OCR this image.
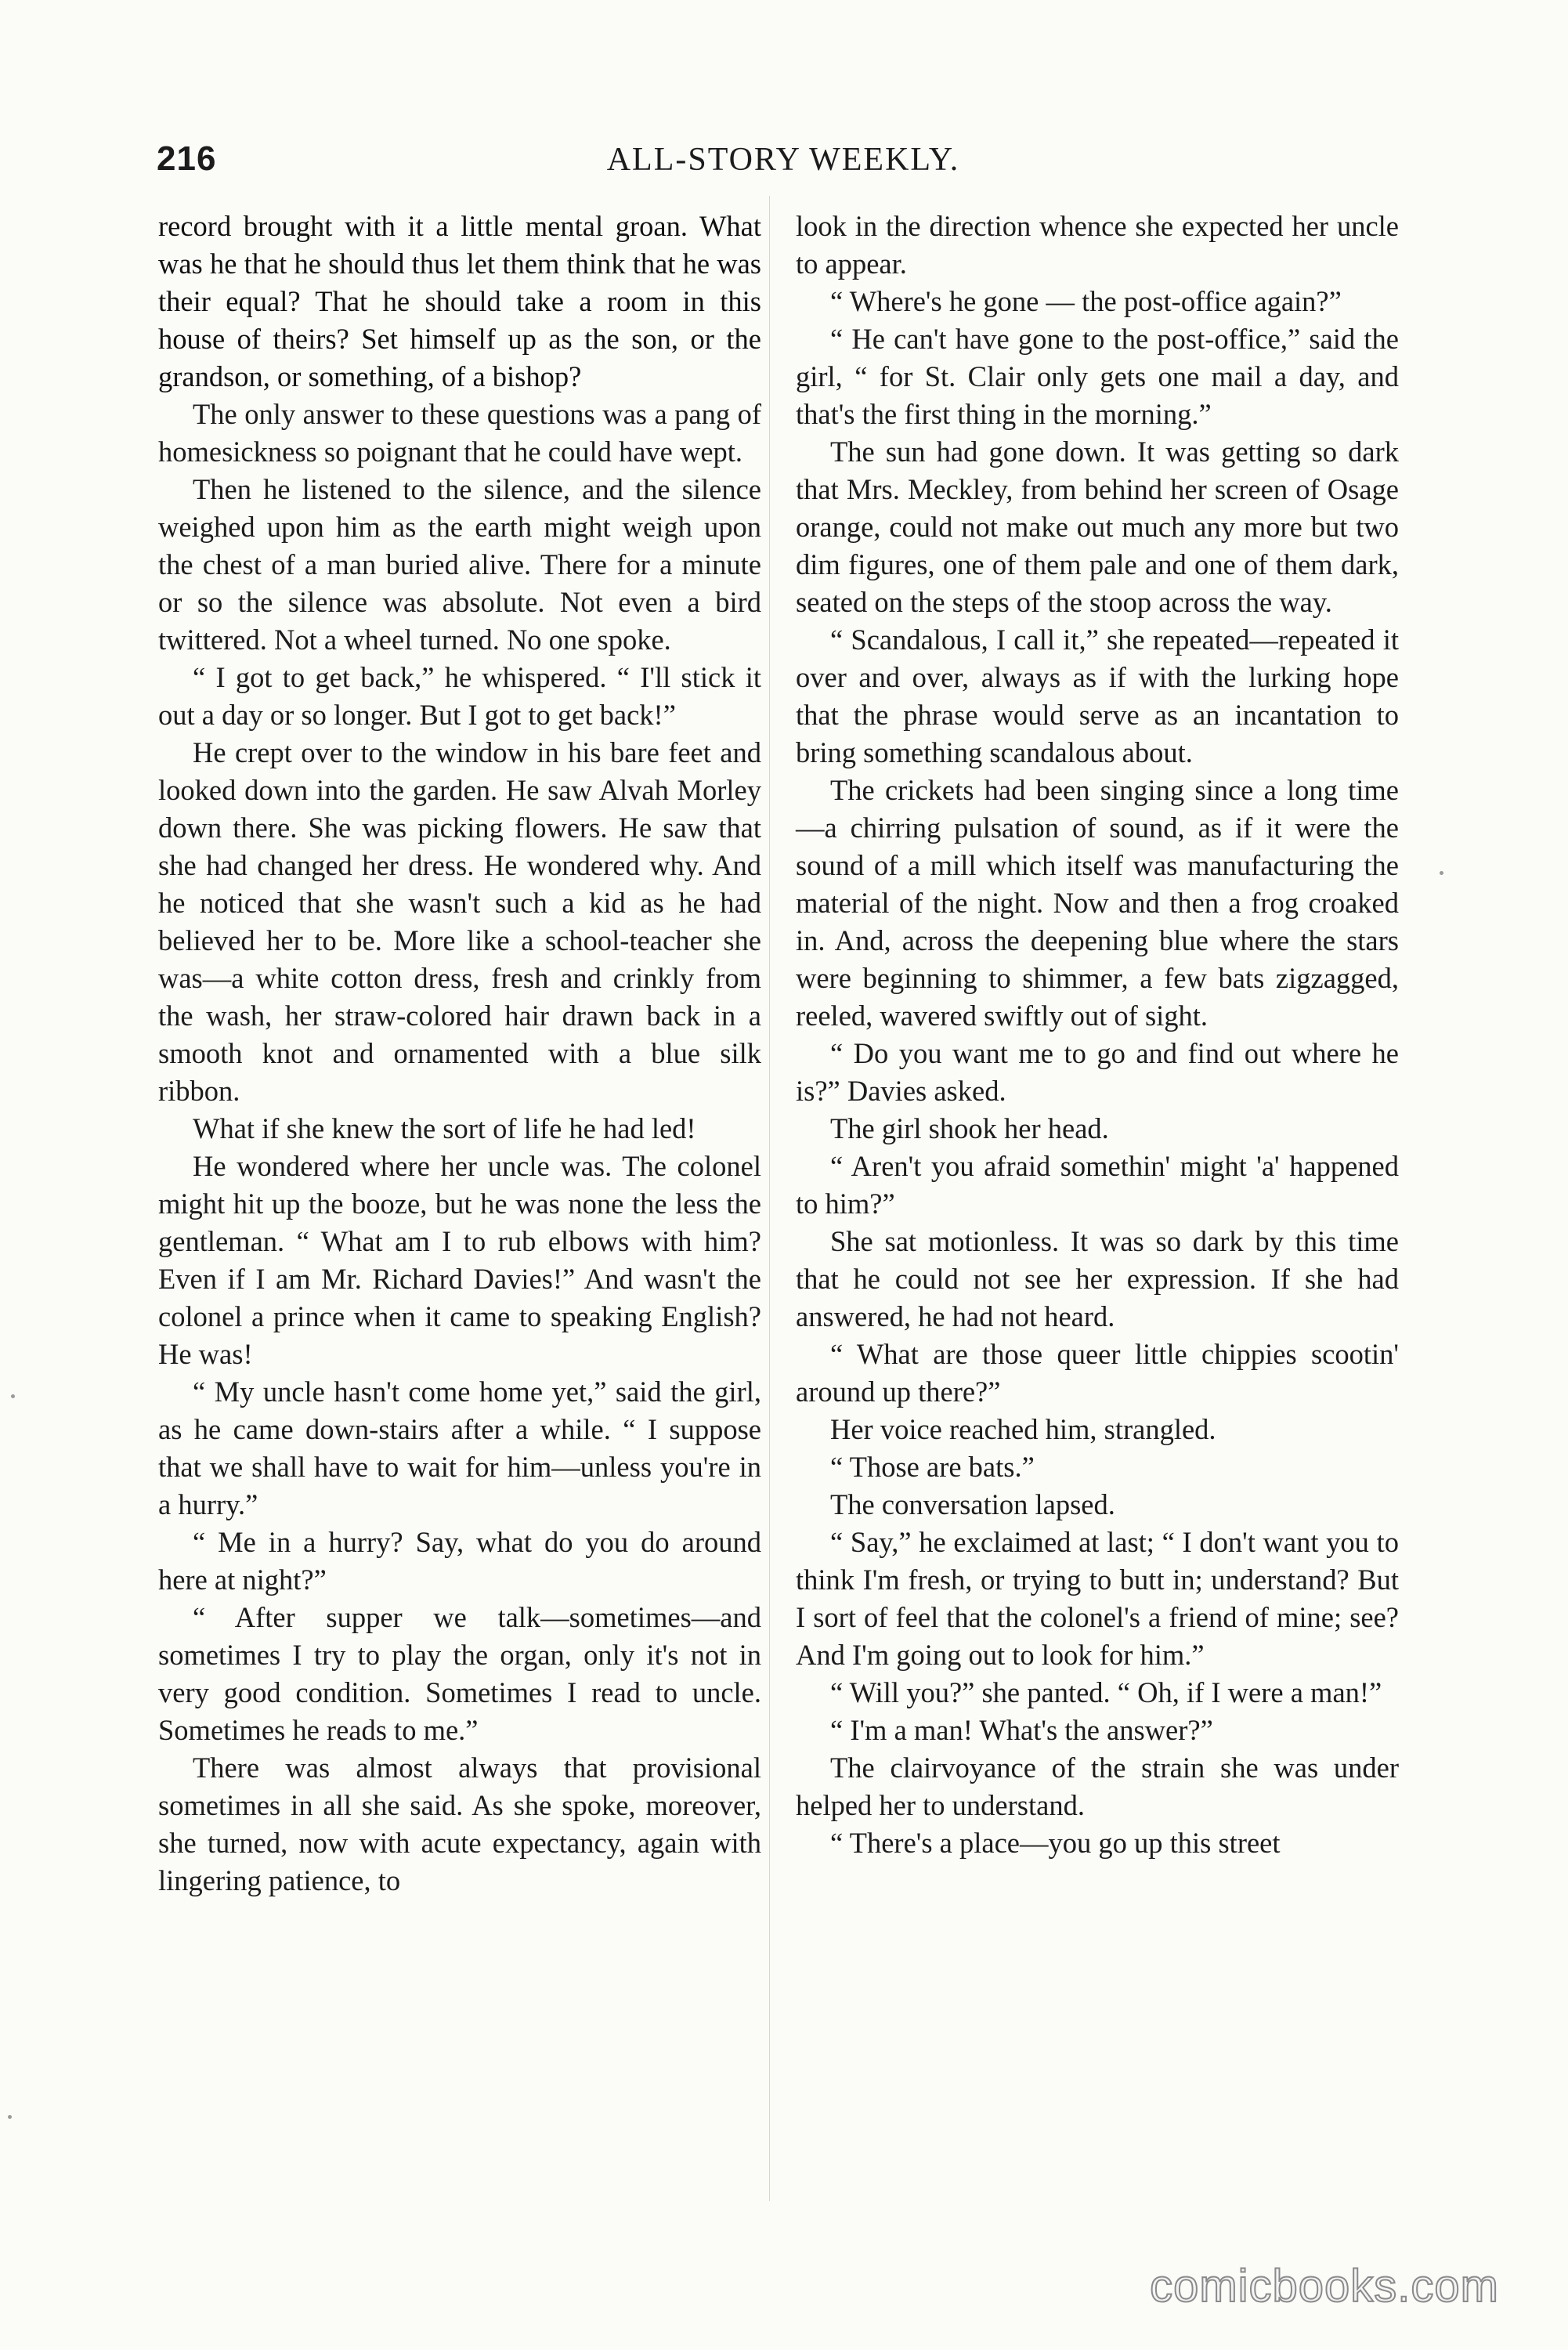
216	ALL-STORY WEEKLY.

record brought with it a little mental groan. What was he that he should thus let them think that he was their equal? That he should take a room in this house of theirs? Set himself up as the son, or the grandson, or something, of a bishop?

The only answer to these questions was a pang of homesickness so poignant that he could have wept.

Then he listened to the silence, and the silence weighed upon him as the earth might weigh upon the chest of a man buried alive. There for a minute or so the silence was absolute. Not even a bird twittered. Not a wheel turned. No one spoke.

“ I got to get back,” he whispered. “ I'll stick it out a day or so longer. But I got to get back!”

He crept over to the window in his bare feet and looked down into the garden. He saw Alvah Morley down there. She was picking flowers. He saw that she had changed her dress. He wondered why. And he noticed that she wasn't such a kid as he had believed her to be. More like a school-teacher she was—a white cotton dress, fresh and crinkly from the wash, her straw-colored hair drawn back in a smooth knot and ornamented with a blue silk ribbon.

What if she knew the sort of life he had led!

He wondered where her uncle was. The colonel might hit up the booze, but he was none the less the gentleman. “ What am I to rub elbows with him? Even if I am Mr. Richard Davies!” And wasn't the colonel a prince when it came to speaking English? He was!

“ My uncle hasn't come home yet,” said the girl, as he came down-stairs after a while. “ I suppose that we shall have to wait for him—unless you're in a hurry.”

“ Me in a hurry? Say, what do you do around here at night?”

“ After supper we talk—sometimes—and sometimes I try to play the organ, only it's not in very good condition. Sometimes I read to uncle. Sometimes he reads to me.”

There was almost always that provisional sometimes in all she said. As she spoke, moreover, she turned, now with acute expectancy, again with lingering patience, to

look in the direction whence she expected her uncle to appear.

“ Where's he gone — the post-office again?”

“ He can't have gone to the post-office,” said the girl, “ for St. Clair only gets one mail a day, and that's the first thing in the morning.”

The sun had gone down. It was getting so dark that Mrs. Meckley, from behind her screen of Osage orange, could not make out much any more but two dim figures, one of them pale and one of them dark, seated on the steps of the stoop across the way.

“ Scandalous, I call it,” she repeated—repeated it over and over, always as if with the lurking hope that the phrase would serve as an incantation to bring something scandalous about.

The crickets had been singing since a long time—a chirring pulsation of sound, as if it were the sound of a mill which itself was manufacturing the material of the night. Now and then a frog croaked in. And, across the deepening blue where the stars were beginning to shimmer, a few bats zigzagged, reeled, wavered swiftly out of sight.

“ Do you want me to go and find out where he is?” Davies asked.

The girl shook her head.

“ Aren't you afraid somethin' might 'a' happened to him?”

She sat motionless. It was so dark by this time that he could not see her expression. If she had answered, he had not heard.

“ What are those queer little chippies scootin' around up there?”

Her voice reached him, strangled.

“ Those are bats.”

The conversation lapsed.

“ Say,” he exclaimed at last; “ I don't want you to think I'm fresh, or trying to butt in; understand? But I sort of feel that the colonel's a friend of mine; see? And I'm going out to look for him.”

“ Will you?” she panted. “ Oh, if I were a man!”

“ I'm a man! What's the answer?”

The clairvoyance of the strain she was under helped her to understand.

“ There's a place—you go up this street

comicbooks.com
